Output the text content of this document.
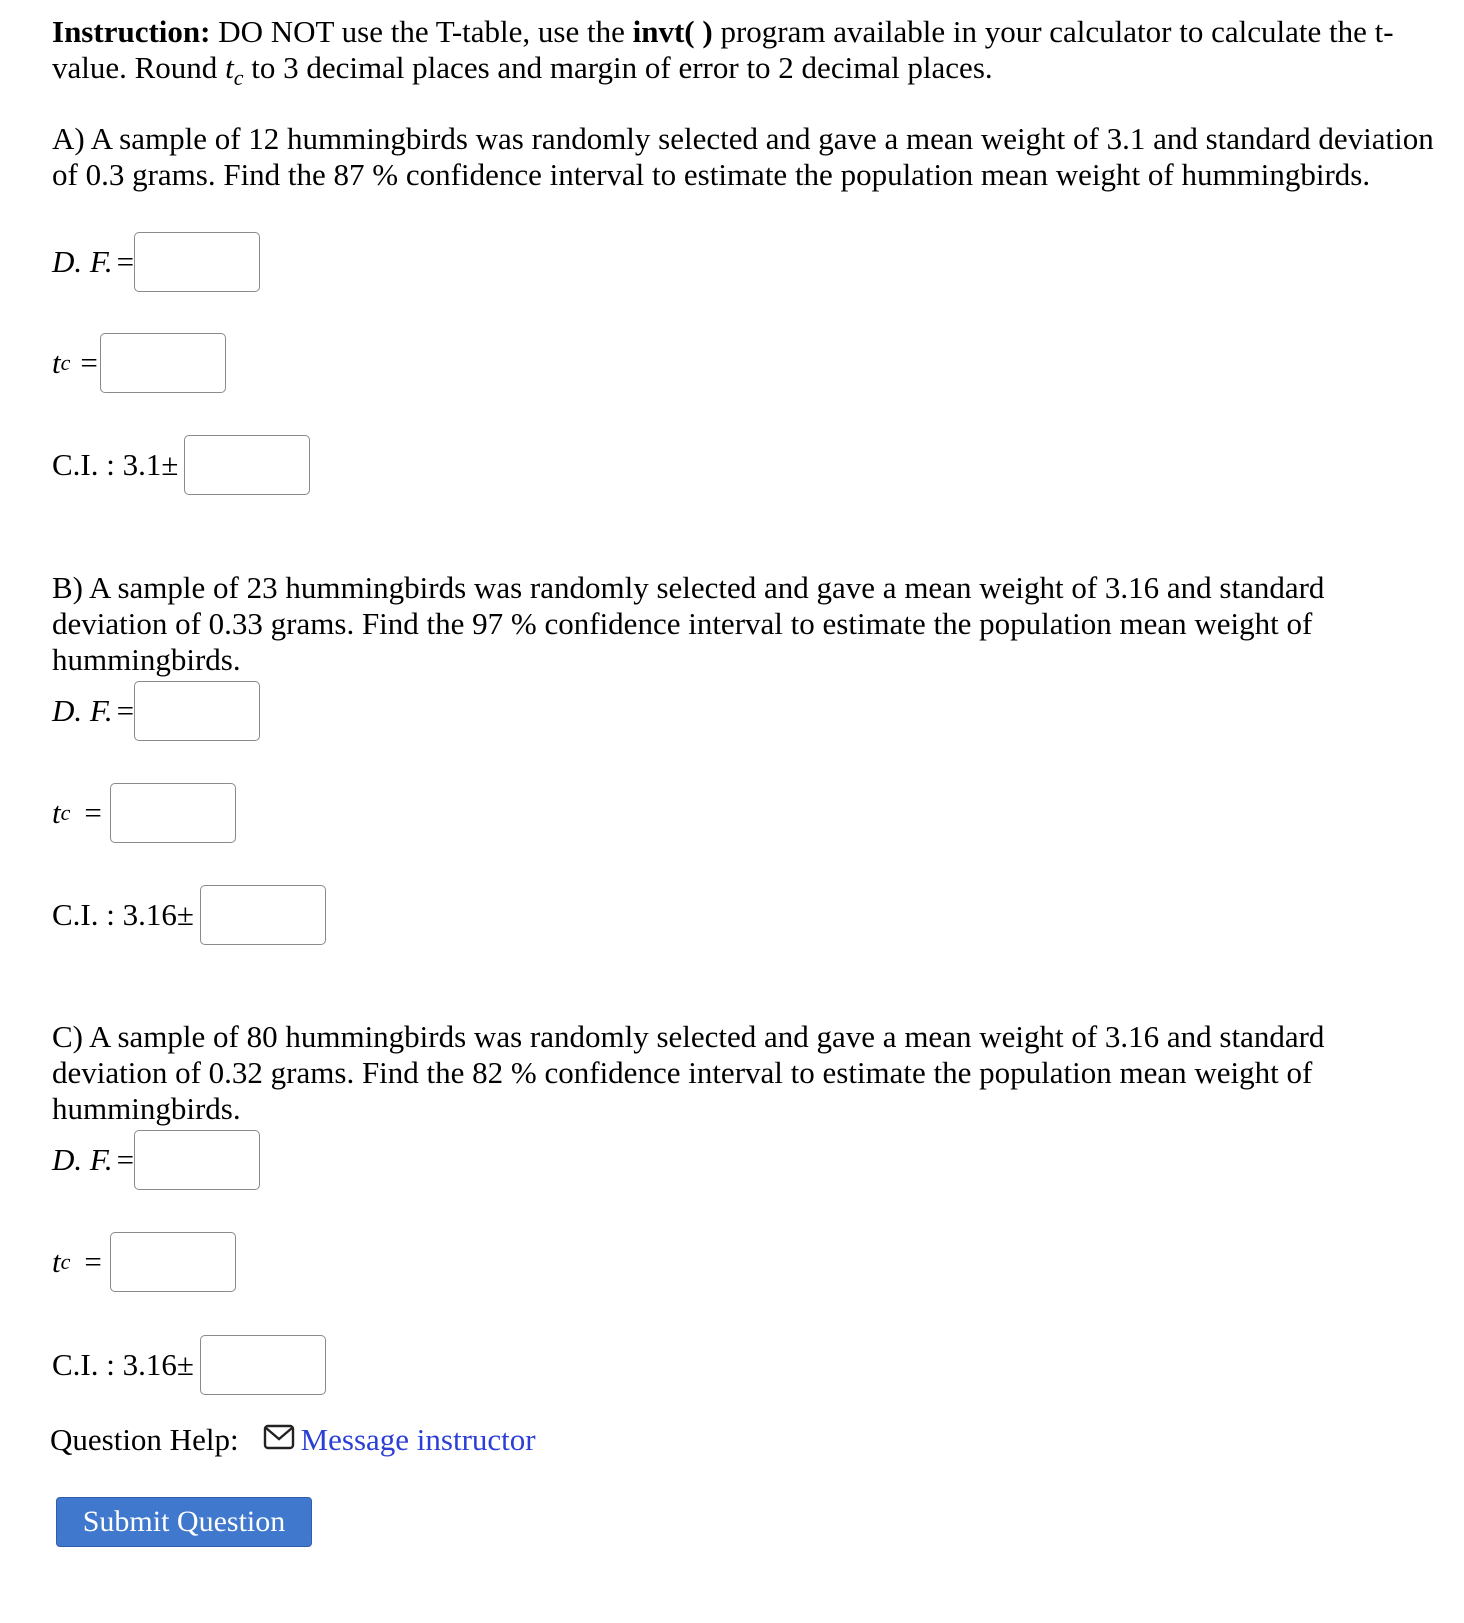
Instruction: DO NOT use the T-table, use the invt( ) program available in your calculator to calculate the t-value. Round $t_c$ to 3 decimal places and margin of error to 2 decimal places.

A) A sample of 12 hummingbirds was randomly selected and gave a mean weight of 3.1 and standard deviation of 0.3 grams. Find the 87 % confidence interval to estimate the population mean weight of hummingbirds.

D. F. =
t c =
C.I. : 3.1±

B) A sample of 23 hummingbirds was randomly selected and gave a mean weight of 3.16 and standard deviation of 0.33 grams. Find the 97 % confidence interval to estimate the population mean weight of hummingbirds.

D. F. =
t c =
C.I. : 3.16±

C) A sample of 80 hummingbirds was randomly selected and gave a mean weight of 3.16 and standard deviation of 0.32 grams. Find the 82 % confidence interval to estimate the population mean weight of hummingbirds.

D. F. =
t c =
C.I. : 3.16±
Question Help: Message instructor
Submit Question
